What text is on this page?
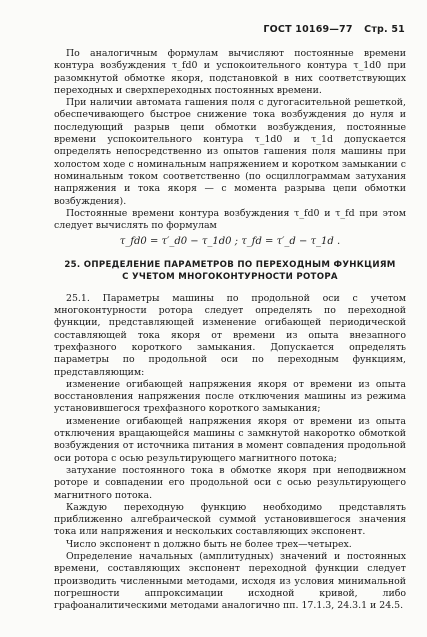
ГОСТ 10169—77 Стр. 51

По аналогичным формулам вычисляют постоянные времени контура возбуждения τ_fd0 и успокоительного контура τ_1d0 при разомкнутой обмотке якоря, подстановкой в них соответствующих переходных и сверхпереходных постоянных времени.

При наличии автомата гашения поля с дугогасительной решеткой, обеспечивающего быстрое снижение тока возбуждения до нуля и последующий разрыв цепи обмотки возбуждения, постоянные времени успокоительного контура τ_1d0 и τ_1d допускается определять непосредственно из опытов гашения поля машины при холостом ходе с номинальным напряжением и коротком замыкании с номинальным током соответственно (по осциллограммам затухания напряжения и тока якоря — с момента разрыва цепи обмотки возбуждения).

Постоянные времени контура возбуждения τ_fd0 и τ_fd при этом следует вычислять по формулам

τ_fd0 = τ′_d0 − τ_1d0 ; τ_fd = τ′_d − τ_1d .
25. ОПРЕДЕЛЕНИЕ ПАРАМЕТРОВ ПО ПЕРЕХОДНЫМ ФУНКЦИЯМ
С УЧЕТОМ МНОГОКОНТУРНОСТИ РОТОРА

25.1. Параметры машины по продольной оси с учетом многоконтурности ротора следует определять по переходной функции, представляющей изменение огибающей периодической составляющей тока якоря от времени из опыта внезапного трехфазного короткого замыкания. Допускается определять параметры по продольной оси по переходным функциям, представляющим:

изменение огибающей напряжения якоря от времени из опыта восстановления напряжения после отключения машины из режима установившегося трехфазного короткого замыкания;

изменение огибающей напряжения якоря от времени из опыта отключения вращающейся машины с замкнутой накоротко обмоткой возбуждения от источника питания в момент совпадения продольной оси ротора с осью результирующего магнитного потока;

затухание постоянного тока в обмотке якоря при неподвижном роторе и совпадении его продольной оси с осью результирующего магнитного потока.

Каждую переходную функцию необходимо представлять приближенно алгебраической суммой установившегося значения тока или напряжения и нескольких составляющих экспонент.

Число экспонент n должно быть не более трех—четырех.

Определение начальных (амплитудных) значений и постоянных времени, составляющих экспонент переходной функции следует производить численными методами, исходя из условия минимальной погрешности аппроксимации исходной кривой, либо графоаналитическими методами аналогично пп. 17.1.3, 24.3.1 и 24.5.
